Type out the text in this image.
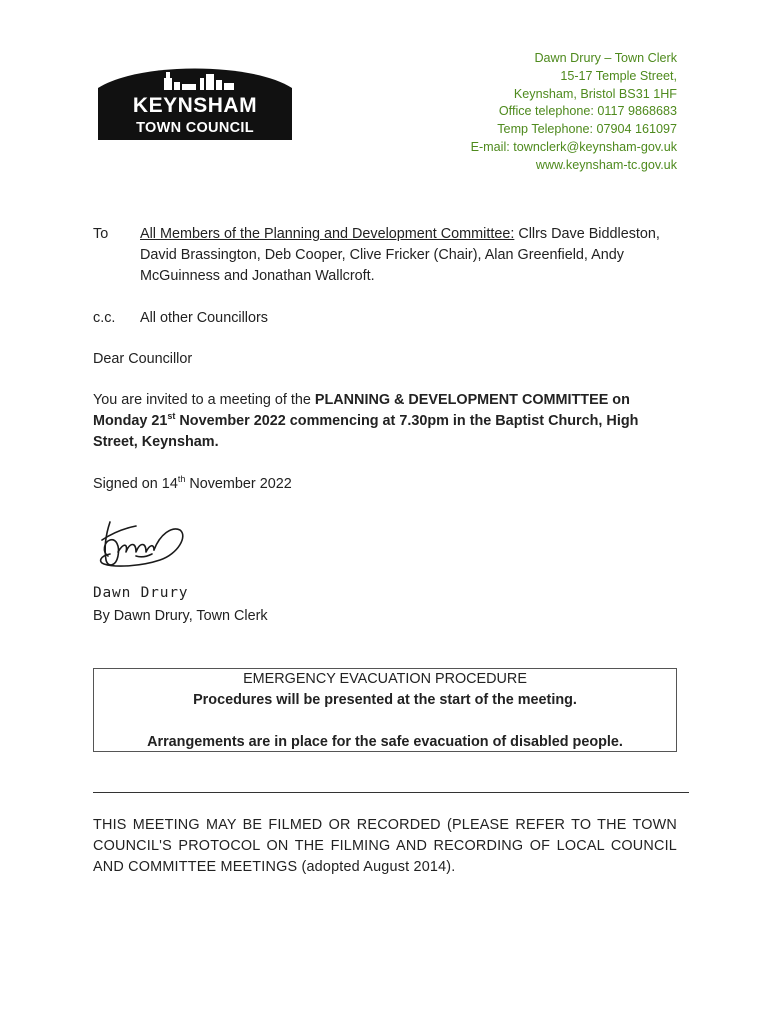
KEYNSHAM
TOWN COUNCIL
Dawn Drury – Town Clerk
15-17 Temple Street,
Keynsham, Bristol BS31 1HF
Office telephone: 0117 9868683
Temp Telephone: 07904 161097
E-mail: townclerk@keynsham-gov.uk
www.keynsham-tc.gov.uk
To All Members of the Planning and Development Committee: Cllrs Dave Biddleston, David Brassington, Deb Cooper, Clive Fricker (Chair), Alan Greenfield, Andy McGuinness and Jonathan Wallcroft.
c.c. All other Councillors
Dear Councillor
You are invited to a meeting of the PLANNING & DEVELOPMENT COMMITTEE on Monday 21st November 2022 commencing at 7.30pm in the Baptist Church, High Street, Keynsham.
Signed on 14th November 2022
Dawn Drury
By Dawn Drury, Town Clerk
EMERGENCY EVACUATION PROCEDURE
Procedures will be presented at the start of the meeting.
Arrangements are in place for the safe evacuation of disabled people.
THIS MEETING MAY BE FILMED OR RECORDED (PLEASE REFER TO THE TOWN COUNCIL'S PROTOCOL ON THE FILMING AND RECORDING OF LOCAL COUNCIL AND COMMITTEE MEETINGS (adopted August 2014).
